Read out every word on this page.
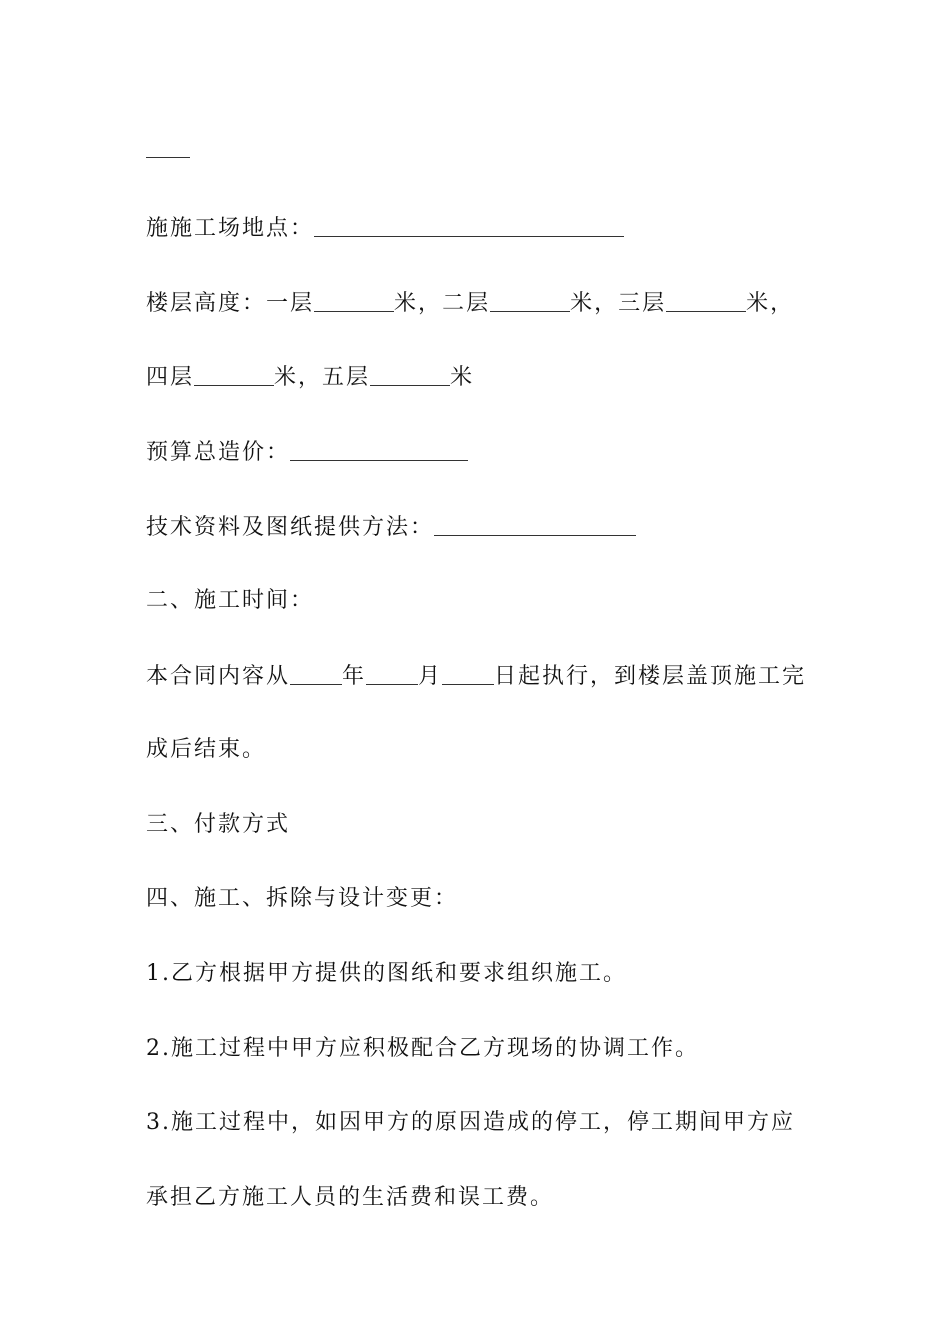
施施工场地点：
楼层高度：一层	米，二层	米，三层	米，
四层	米，五层	米
预算总造价：
技术资料及图纸提供方法：
二、施工时间：
本合同内容从 年 月 日起执行，到楼层盖顶施工完
成后结束。
三、付款方式
四、施工、拆除与设计变更：
1.乙方根据甲方提供的图纸和要求组织施工。
2.施工过程中甲方应积极配合乙方现场的协调工作。
3.施工过程中，如因甲方的原因造成的停工，停工期间甲方应
承担乙方施工人员的生活费和误工费。
